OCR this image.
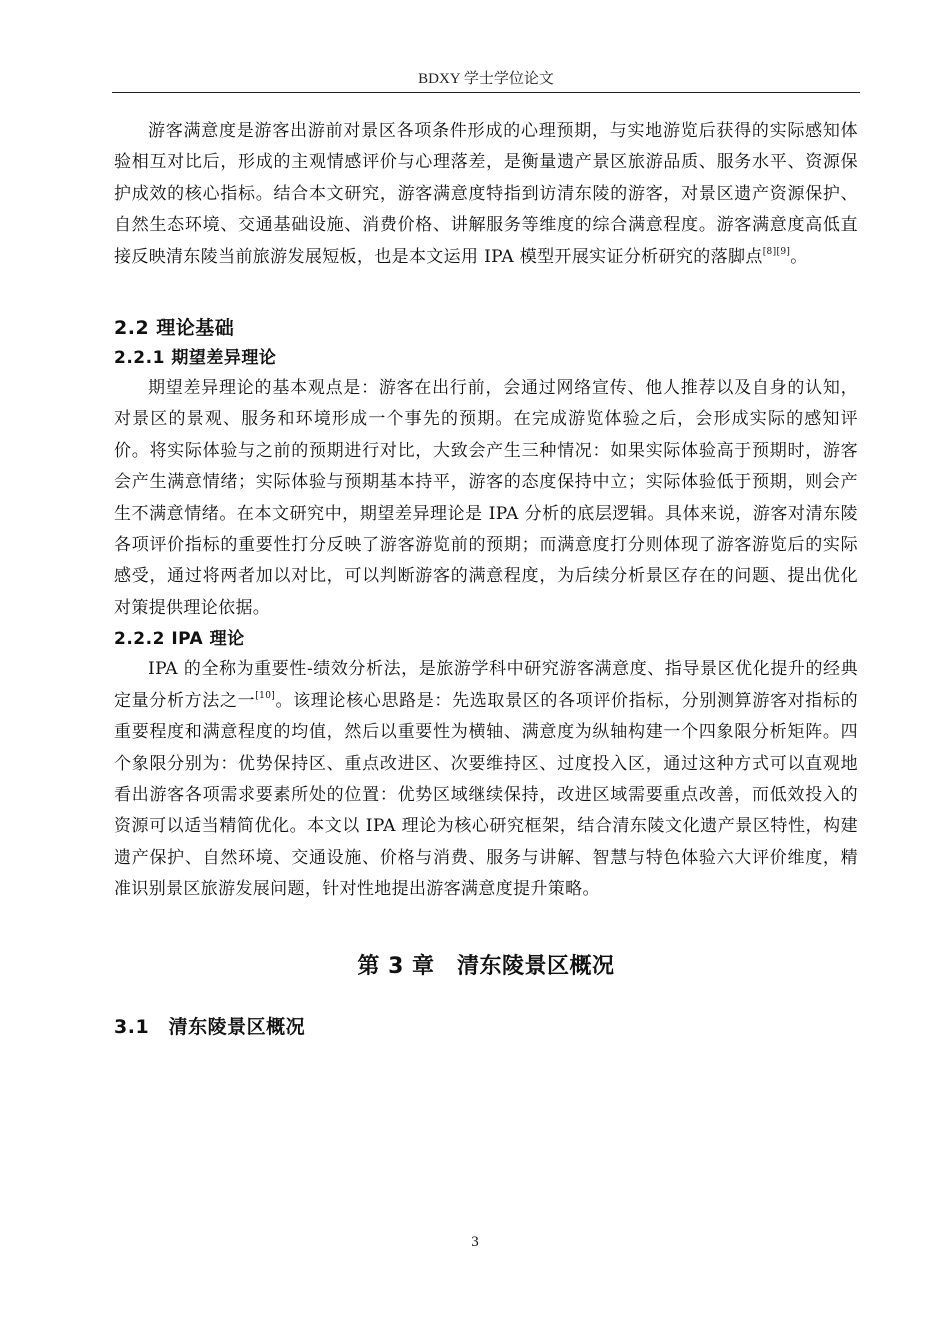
BDXY 学士学位论文

游客满意度是游客出游前对景区各项条件形成的心理预期，与实地游览后获得的实际感知体验相互对比后，形成的主观情感评价与心理落差，是衡量遗产景区旅游品质、服务水平、资源保护成效的核心指标。结合本文研究，游客满意度特指到访清东陵的游客，对景区遗产资源保护、自然生态环境、交通基础设施、消费价格、讲解服务等维度的综合满意程度。游客满意度高低直接反映清东陵当前旅游发展短板，也是本文运用 IPA 模型开展实证分析研究的落脚点[8][9]。

2.2 理论基础
2.2.1 期望差异理论

期望差异理论的基本观点是：游客在出行前，会通过网络宣传、他人推荐以及自身的认知，对景区的景观、服务和环境形成一个事先的预期。在完成游览体验之后，会形成实际的感知评价。将实际体验与之前的预期进行对比，大致会产生三种情况：如果实际体验高于预期时，游客会产生满意情绪；实际体验与预期基本持平，游客的态度保持中立；实际体验低于预期，则会产生不满意情绪。在本文研究中，期望差异理论是 IPA 分析的底层逻辑。具体来说，游客对清东陵各项评价指标的重要性打分反映了游客游览前的预期；而满意度打分则体现了游客游览后的实际感受，通过将两者加以对比，可以判断游客的满意程度，为后续分析景区存在的问题、提出优化对策提供理论依据。

2.2.2 IPA 理论

IPA 的全称为重要性-绩效分析法，是旅游学科中研究游客满意度、指导景区优化提升的经典定量分析方法之一[10]。该理论核心思路是：先选取景区的各项评价指标，分别测算游客对指标的重要程度和满意程度的均值，然后以重要性为横轴、满意度为纵轴构建一个四象限分析矩阵。四个象限分别为：优势保持区、重点改进区、次要维持区、过度投入区，通过这种方式可以直观地看出游客各项需求要素所处的位置：优势区域继续保持，改进区域需要重点改善，而低效投入的资源可以适当精简优化。本文以 IPA 理论为核心研究框架，结合清东陵文化遗产景区特性，构建遗产保护、自然环境、交通设施、价格与消费、服务与讲解、智慧与特色体验六大评价维度，精准识别景区旅游发展问题，针对性地提出游客满意度提升策略。

第 3 章　清东陵景区概况
3.1　清东陵景区概况
3
